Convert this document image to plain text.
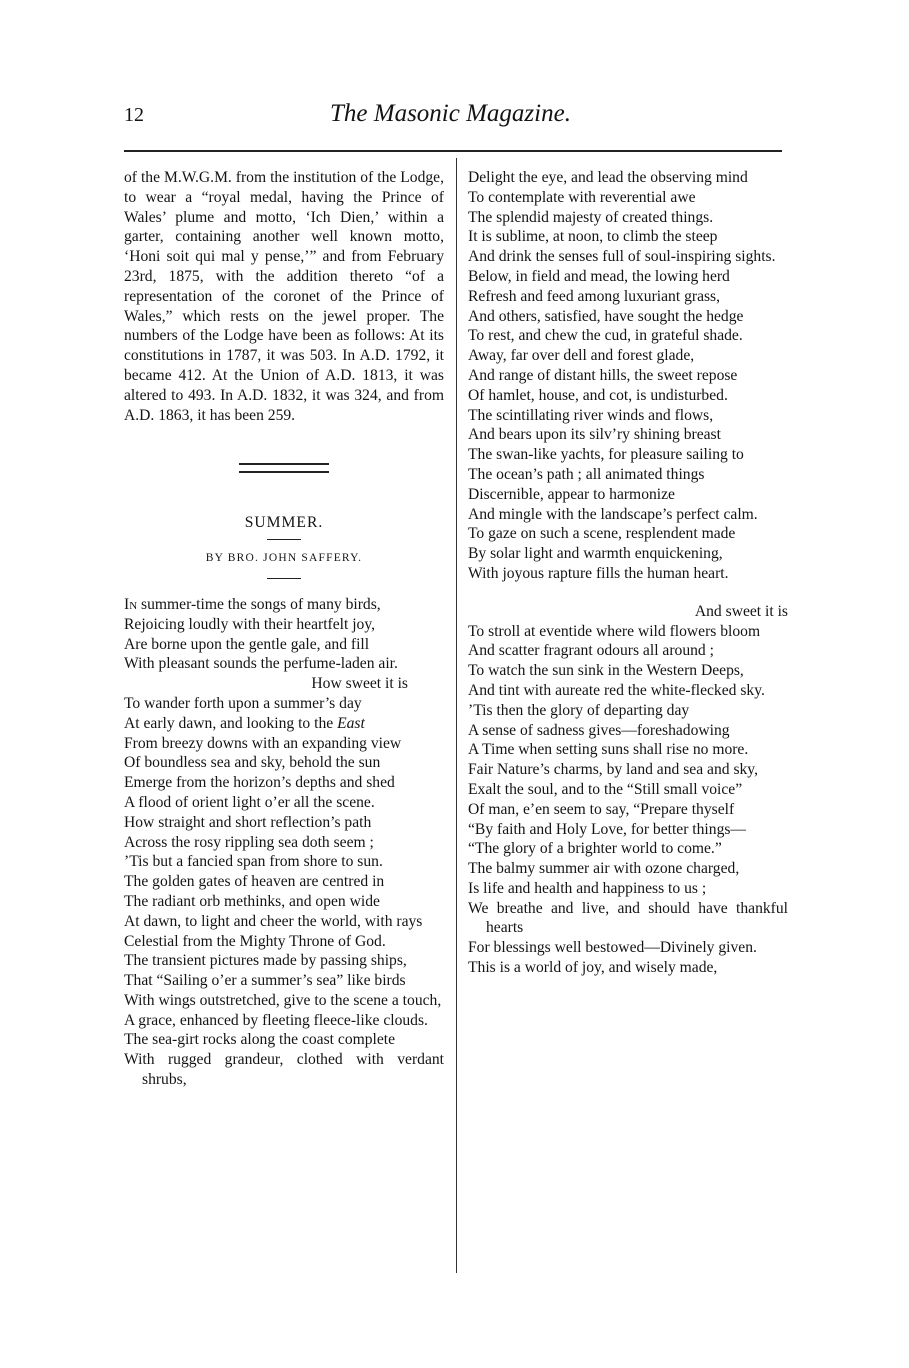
12	The Masonic Magazine.

of the M.W.G.M. from the institution of the Lodge, to wear a “royal medal, having the Prince of Wales’ plume and motto, ‘Ich Dien,’ within a garter, containing another well known motto, ‘Honi soit qui mal y pense,’” and from February 23rd, 1875, with the addition thereto “of a representation of the coronet of the Prince of Wales,” which rests on the jewel proper. The numbers of the Lodge have been as follows: At its constitutions in 1787, it was 503. In A.D. 1792, it became 412. At the Union of A.D. 1813, it was altered to 493. In A.D. 1832, it was 324, and from A.D. 1863, it has been 259.

SUMMER.
BY BRO. JOHN SAFFERY.
In summer-time the songs of many birds,
Rejoicing loudly with their heartfelt joy,
Are borne upon the gentle gale, and fill
With pleasant sounds the perfume-laden air.
How sweet it is
To wander forth upon a summer’s day
At early dawn, and looking to the East
From breezy downs with an expanding view
Of boundless sea and sky, behold the sun
Emerge from the horizon’s depths and shed
A flood of orient light o’er all the scene.
How straight and short reflection’s path
Across the rosy rippling sea doth seem ;
’Tis but a fancied span from shore to sun.
The golden gates of heaven are centred in
The radiant orb methinks, and open wide
At dawn, to light and cheer the world, with rays
Celestial from the Mighty Throne of God.
The transient pictures made by passing ships,
That “Sailing o’er a summer’s sea” like birds
With wings outstretched, give to the scene a touch,
A grace, enhanced by fleeting fleece-like clouds.
The sea-girt rocks along the coast complete
With rugged grandeur, clothed with verdant shrubs,
Delight the eye, and lead the observing mind
To contemplate with reverential awe
The splendid majesty of created things.
It is sublime, at noon, to climb the steep
And drink the senses full of soul-inspiring sights.
Below, in field and mead, the lowing herd
Refresh and feed among luxuriant grass,
And others, satisfied, have sought the hedge
To rest, and chew the cud, in grateful shade.
Away, far over dell and forest glade,
And range of distant hills, the sweet repose
Of hamlet, house, and cot, is undisturbed.
The scintillating river winds and flows,
And bears upon its silv’ry shining breast
The swan-like yachts, for pleasure sailing to
The ocean’s path ; all animated things
Discernible, appear to harmonize
And mingle with the landscape’s perfect calm.
To gaze on such a scene, resplendent made
By solar light and warmth enquickening,
With joyous rapture fills the human heart.
And sweet it is
To stroll at eventide where wild flowers bloom
And scatter fragrant odours all around ;
To watch the sun sink in the Western Deeps,
And tint with aureate red the white-flecked sky.
’Tis then the glory of departing day
A sense of sadness gives—foreshadowing
A Time when setting suns shall rise no more.
Fair Nature’s charms, by land and sea and sky,
Exalt the soul, and to the “Still small voice”
Of man, e’en seem to say, “Prepare thyself
“By faith and Holy Love, for better things—
“The glory of a brighter world to come.”
The balmy summer air with ozone charged,
Is life and health and happiness to us ;
We breathe and live, and should have thankful hearts
For blessings well bestowed—Divinely given.
This is a world of joy, and wisely made,
